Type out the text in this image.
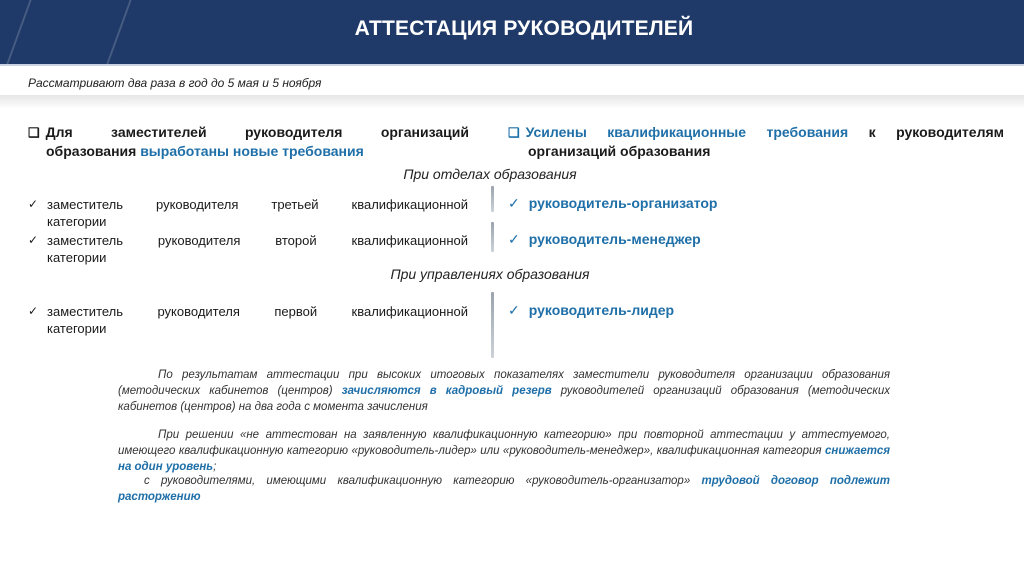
АТТЕСТАЦИЯ РУКОВОДИТЕЛЕЙ
Рассматривают два раза в год до 5 мая и 5 ноября
❑ Для заместителей руководителя организаций
образования выработаны новые требования
❑ Усилены квалификационные требования к руководителям
организаций образования
При отделах образования
✓ заместитель руководителя третьей квалификационной
категории
✓ заместитель руководителя второй квалификационной
категории
✓ руководитель-организатор
✓ руководитель-менеджер
При управлениях образования
✓ заместитель руководителя первой квалификационной
категории
✓ руководитель-лидер
По результатам аттестации при высоких итоговых показателях заместители руководителя организации образования (методических кабинетов (центров) зачисляются в кадровый резерв руководителей организаций образования (методических кабинетов (центров) на два года с момента зачисления
При решении «не аттестован на заявленную квалификационную категорию» при повторной аттестации у аттестуемого, имеющего квалификационную категорию «руководитель-лидер» или «руководитель-менеджер», квалификационная категория снижается на один уровень;
с руководителями, имеющими квалификационную категорию «руководитель-организатор» трудовой договор подлежит расторжению
